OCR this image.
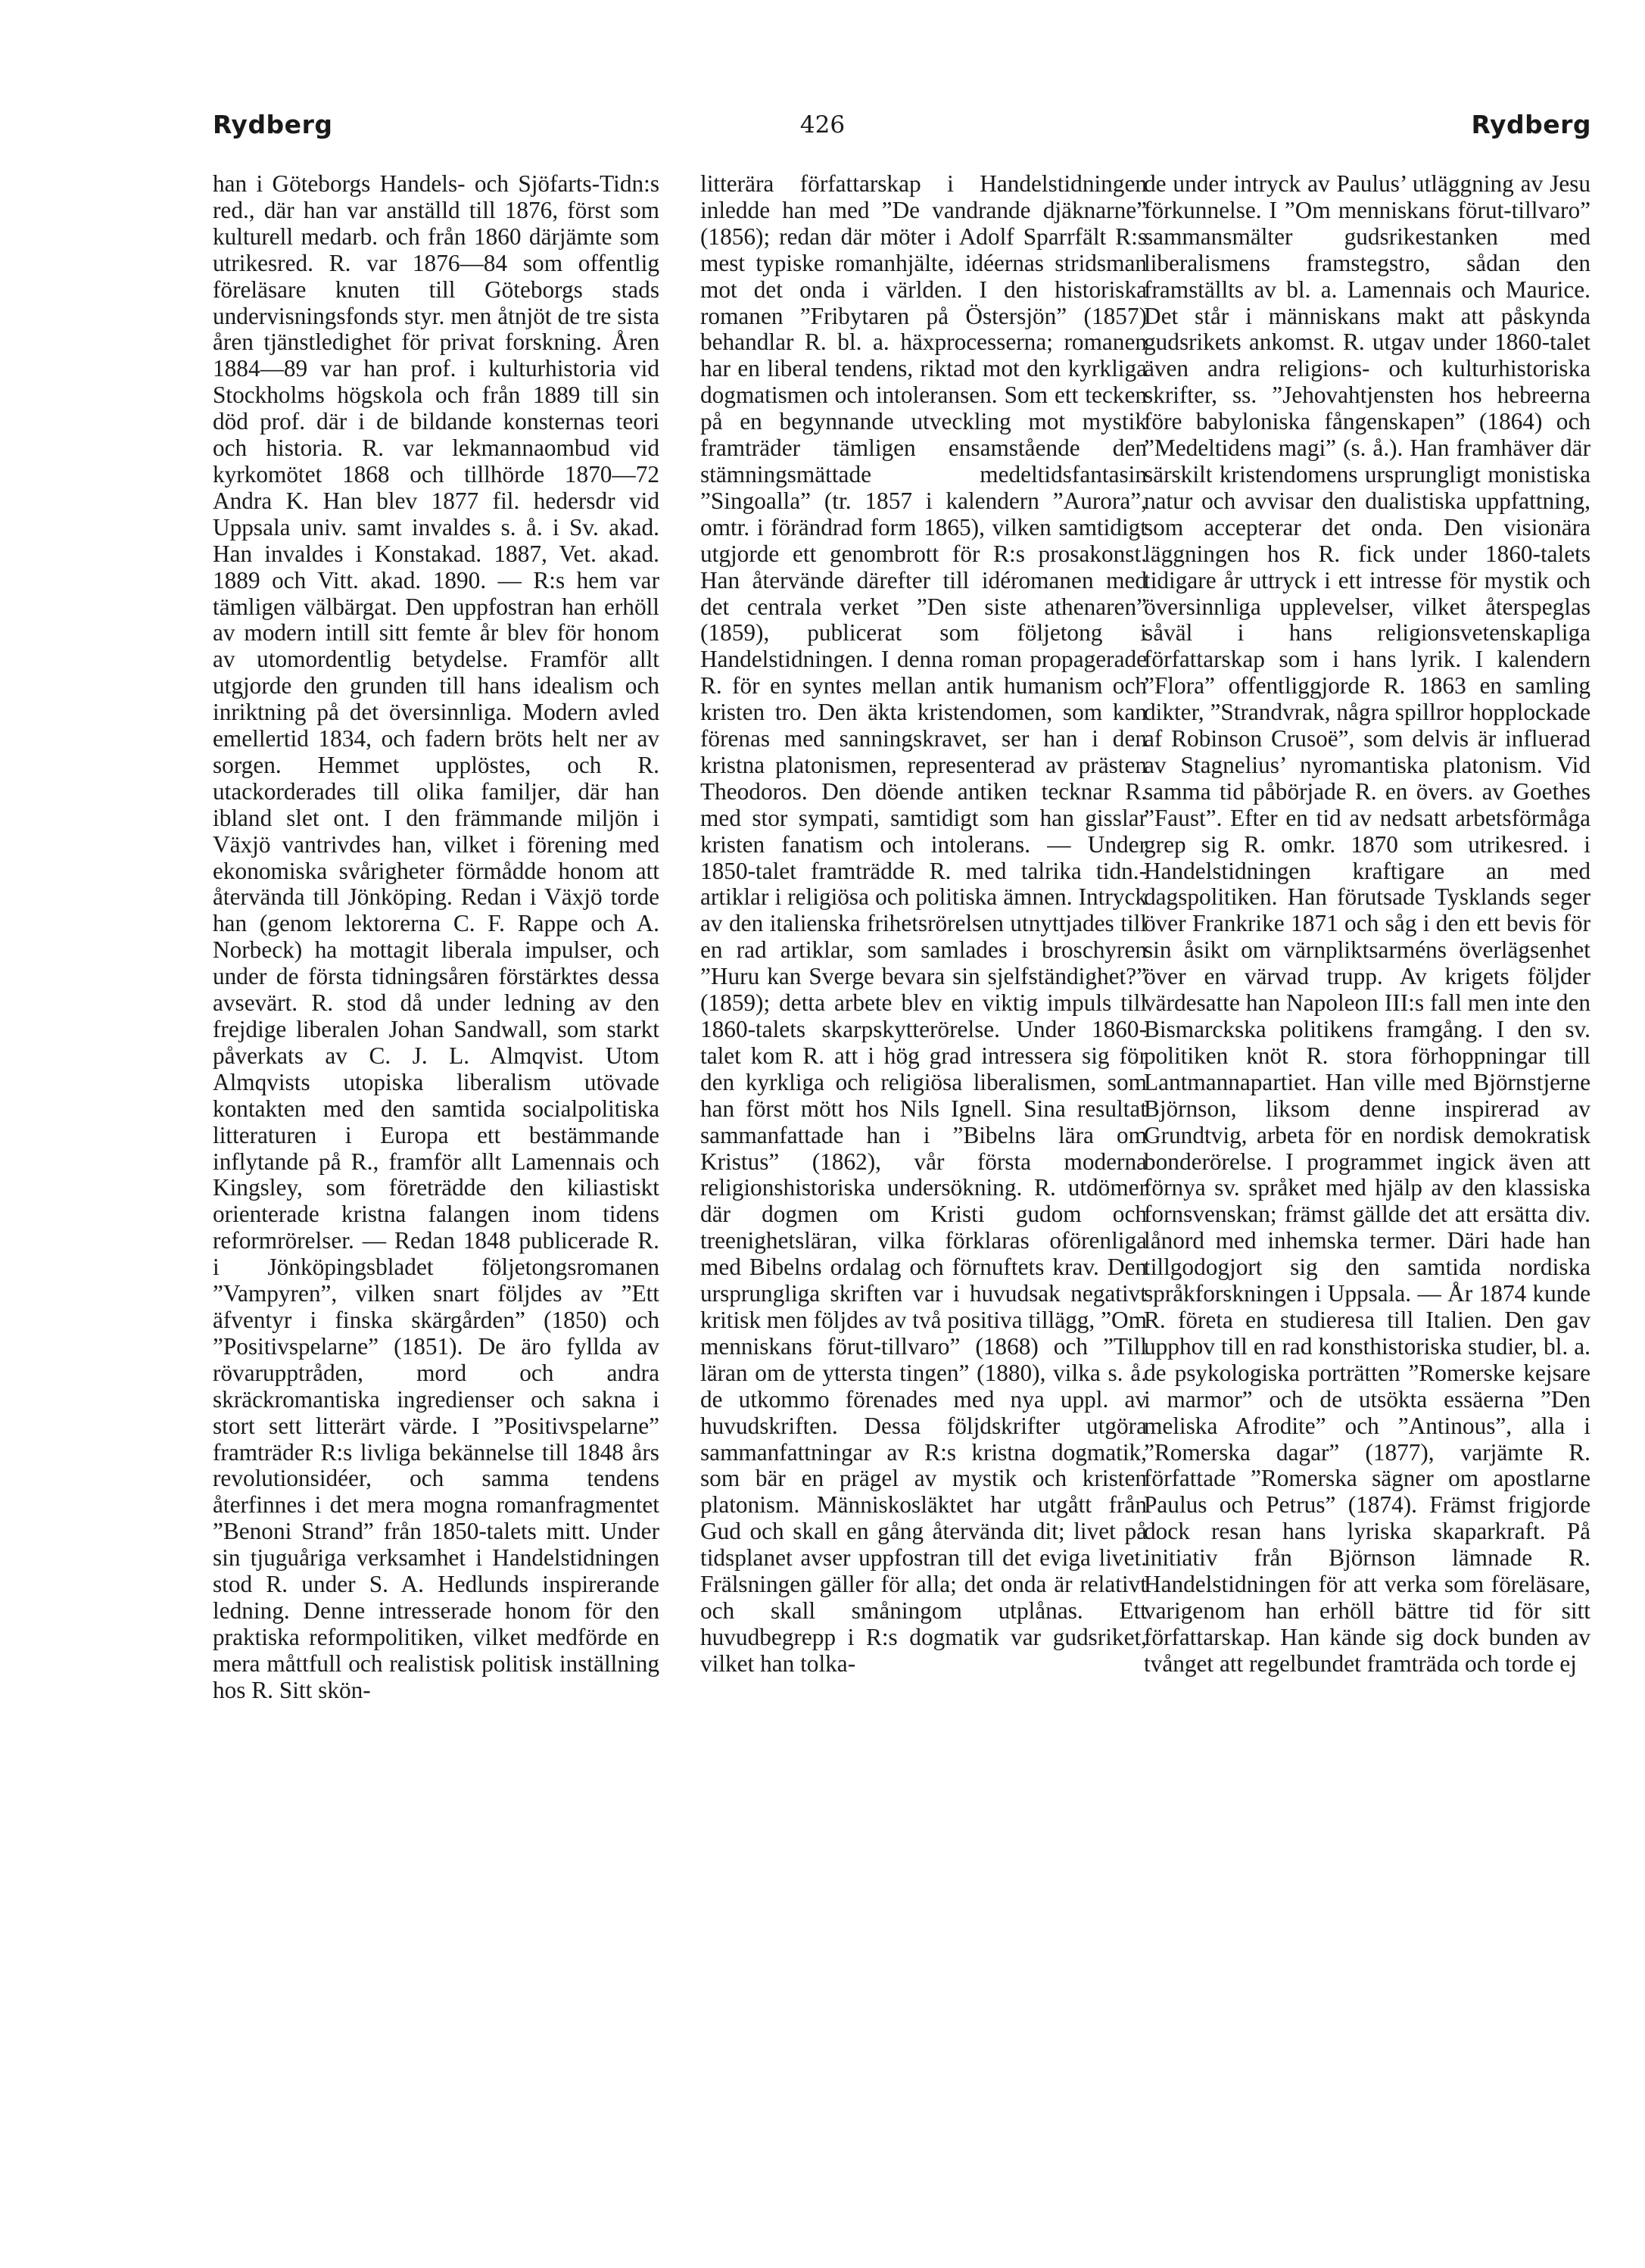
Rydberg	426	Rydberg
han i Göteborgs Handels- och Sjöfarts-Tidn:s red., där han var anställd till 1876, först som kulturell medarb. och från 1860 därjämte som utrikesred. R. var 1876—84 som offentlig föreläsare knuten till Göteborgs stads undervisningsfonds styr. men åtnjöt de tre sista åren tjänstledighet för privat forskning. Åren 1884—89 var han prof. i kulturhistoria vid Stockholms högskola och från 1889 till sin död prof. där i de bildande konsternas teori och historia. R. var lekmannaombud vid kyrkomötet 1868 och tillhörde 1870—72 Andra K. Han blev 1877 fil. hedersdr vid Uppsala univ. samt invaldes s. å. i Sv. akad. Han invaldes i Konstakad. 1887, Vet. akad. 1889 och Vitt. akad. 1890. — R:s hem var tämligen välbärgat. Den uppfostran han erhöll av modern intill sitt femte år blev för honom av utomordentlig betydelse. Framför allt utgjorde den grunden till hans idealism och inriktning på det översinnliga. Modern avled emellertid 1834, och fadern bröts helt ner av sorgen. Hemmet upplöstes, och R. utackorderades till olika familjer, där han ibland slet ont. I den främmande miljön i Växjö vantrivdes han, vilket i förening med ekonomiska svårigheter förmådde honom att återvända till Jönköping. Redan i Växjö torde han (genom lektorerna C. F. Rappe och A. Norbeck) ha mottagit liberala impulser, och under de första tidningsåren förstärktes dessa avsevärt. R. stod då under ledning av den frejdige liberalen Johan Sandwall, som starkt påverkats av C. J. L. Almqvist. Utom Almqvists utopiska liberalism utövade kontakten med den samtida socialpolitiska litteraturen i Europa ett bestämmande inflytande på R., framför allt Lamennais och Kingsley, som företrädde den kiliastiskt orienterade kristna falangen inom tidens reformrörelser. — Redan 1848 publicerade R. i Jönköpingsbladet följetongsromanen ”Vampyren”, vilken snart följdes av ”Ett äfventyr i finska skärgården” (1850) och ”Positivspelarne” (1851). De äro fyllda av rövarupptråden, mord och andra skräckromantiska ingredienser och sakna i stort sett litterärt värde. I ”Positivspelarne” framträder R:s livliga bekännelse till 1848 års revolutionsidéer, och samma tendens återfinnes i det mera mogna romanfragmentet ”Benoni Strand” från 1850-talets mitt. Under sin tjuguåriga verksamhet i Handelstidningen stod R. under S. A. Hedlunds inspirerande ledning. Denne intresserade honom för den praktiska reformpolitiken, vilket medförde en mera måttfull och realistisk politisk inställning hos R. Sitt skön-
litterära författarskap i Handelstidningen inledde han med ”De vandrande djäknarne” (1856); redan där möter i Adolf Sparrfält R:s mest typiske romanhjälte, idéernas stridsman mot det onda i världen. I den historiska romanen ”Fribytaren på Östersjön” (1857) behandlar R. bl. a. häxprocesserna; romanen har en liberal tendens, riktad mot den kyrkliga dogmatismen och intoleransen. Som ett tecken på en begynnande utveckling mot mystik framträder tämligen ensamstående den stämningsmättade medeltidsfantasin ”Singoalla” (tr. 1857 i kalendern ”Aurora”, omtr. i förändrad form 1865), vilken samtidigt utgjorde ett genombrott för R:s prosakonst. Han återvände därefter till idéromanen med det centrala verket ”Den siste athenaren” (1859), publicerat som följetong i Handelstidningen. I denna roman propagerade R. för en syntes mellan antik humanism och kristen tro. Den äkta kristendomen, som kan förenas med sanningskravet, ser han i den kristna platonismen, representerad av prästen Theodoros. Den döende antiken tecknar R. med stor sympati, samtidigt som han gisslar kristen fanatism och intolerans. — Under 1850-talet framträdde R. med talrika tidn.-artiklar i religiösa och politiska ämnen. Intryck av den italienska frihetsrörelsen utnyttjades till en rad artiklar, som samlades i broschyren ”Huru kan Sverge bevara sin sjelfständighet?” (1859); detta arbete blev en viktig impuls till 1860-talets skarpskytterörelse. Under 1860-talet kom R. att i hög grad intressera sig för den kyrkliga och religiösa liberalismen, som han först mött hos Nils Ignell. Sina resultat sammanfattade han i ”Bibelns lära om Kristus” (1862), vår första moderna religionshistoriska undersökning. R. utdömer där dogmen om Kristi gudom och treenighetsläran, vilka förklaras oförenliga med Bibelns ordalag och förnuftets krav. Den ursprungliga skriften var i huvudsak negativt kritisk men följdes av två positiva tillägg, ”Om menniskans förut-tillvaro” (1868) och ”Till läran om de yttersta tingen” (1880), vilka s. å. de utkommo förenades med nya uppl. av huvudskriften. Dessa följdskrifter utgöra sammanfattningar av R:s kristna dogmatik, som bär en prägel av mystik och kristen platonism. Människosläktet har utgått från Gud och skall en gång återvända dit; livet på tidsplanet avser uppfostran till det eviga livet. Frälsningen gäller för alla; det onda är relativt och skall småningom utplånas. Ett huvudbegrepp i R:s dogmatik var gudsriket, vilket han tolka-
de under intryck av Paulus’ utläggning av Jesu förkunnelse. I ”Om menniskans förut-tillvaro” sammansmälter gudsrikestanken med liberalismens framstegstro, sådan den framställts av bl. a. Lamennais och Maurice. Det står i människans makt att påskynda gudsrikets ankomst. R. utgav under 1860-talet även andra religions- och kulturhistoriska skrifter, ss. ”Jehovahtjensten hos hebreerna före babyloniska fångenskapen” (1864) och ”Medeltidens magi” (s. å.). Han framhäver där särskilt kristendomens ursprungligt monistiska natur och avvisar den dualistiska uppfattning, som accepterar det onda. Den visionära läggningen hos R. fick under 1860-talets tidigare år uttryck i ett intresse för mystik och översinnliga upplevelser, vilket återspeglas såväl i hans religionsvetenskapliga författarskap som i hans lyrik. I kalendern ”Flora” offentliggjorde R. 1863 en samling dikter, ”Strandvrak, några spillror hopplockade af Robinson Crusoë”, som delvis är influerad av Stagnelius’ nyromantiska platonism. Vid samma tid påbörjade R. en övers. av Goethes ”Faust”. Efter en tid av nedsatt arbetsförmåga grep sig R. omkr. 1870 som utrikesred. i Handelstidningen kraftigare an med dagspolitiken. Han förutsade Tysklands seger över Frankrike 1871 och såg i den ett bevis för sin åsikt om värnpliktsarméns överlägsenhet över en värvad trupp. Av krigets följder värdesatte han Napoleon III:s fall men inte den Bismarckska politikens framgång. I den sv. politiken knöt R. stora förhoppningar till Lantmannapartiet. Han ville med Björnstjerne Björnson, liksom denne inspirerad av Grundtvig, arbeta för en nordisk demokratisk bonderörelse. I programmet ingick även att förnya sv. språket med hjälp av den klassiska fornsvenskan; främst gällde det att ersätta div. lånord med inhemska termer. Däri hade han tillgodogjort sig den samtida nordiska språkforskningen i Uppsala. — År 1874 kunde R. företa en studieresa till Italien. Den gav upphov till en rad konsthistoriska studier, bl. a. de psykologiska porträtten ”Romerske kejsare i marmor” och de utsökta essäerna ”Den meliska Afrodite” och ”Antinous”, alla i ”Romerska dagar” (1877), varjämte R. författade ”Romerska sägner om apostlarne Paulus och Petrus” (1874). Främst frigjorde dock resan hans lyriska skaparkraft. På initiativ från Björnson lämnade R. Handelstidningen för att verka som föreläsare, varigenom han erhöll bättre tid för sitt författarskap. Han kände sig dock bunden av tvånget att regelbundet framträda och torde ej
